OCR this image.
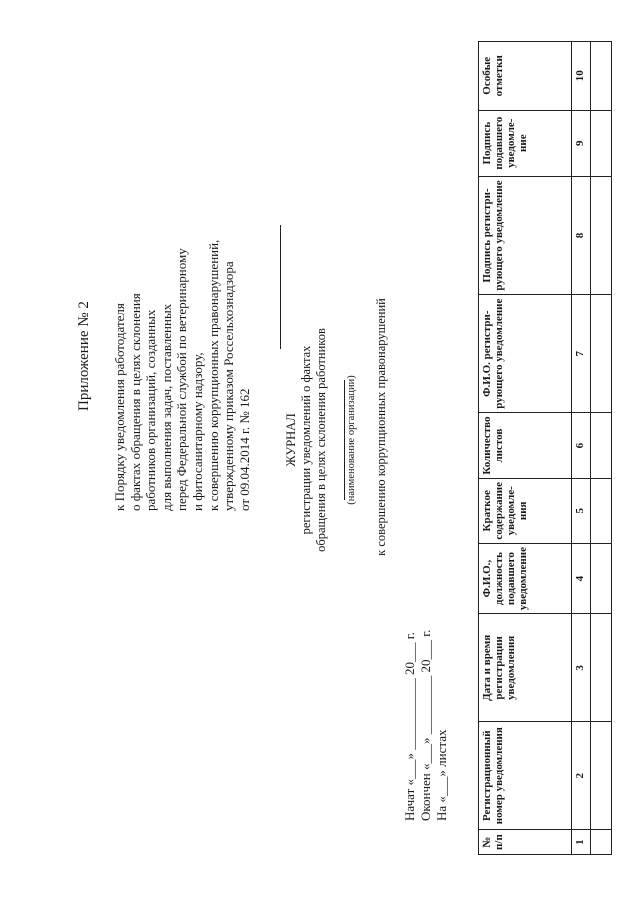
Приложение № 2 к Порядку уведомления работодателя о фактах обращения в целях склонения работников организаций, созданных для выполнения задач, поставленных перед Федеральной службой по ветеринарному и фитосанитарному надзору, к совершению коррупционных правонарушений, утвержденному приказом Россельхознадзора от 09.04.2014 г. № 162	ЖУРНАЛ регистрации уведомлений о фактах обращения в целях склонения работников (наименование организации) к совершению коррупционных правонарушений
Начат «___» ___________ 20___ г. Окончен «___» _________ 20___ г. На «___» листах
№ п/п	Регистрационный номер уведомления	Дата и время регистрации уведомления	Ф.И.О., должность подавшего уведомление	Краткое содержание уведомле-ния	Количество листов	Ф.И.О. регистри-рующего уведомление	Подпись регистри-рующего уведомление	Подпись подавшего уведомле-ние	Особые отметки
1	2	3	4	5	6	7	8	9	10
